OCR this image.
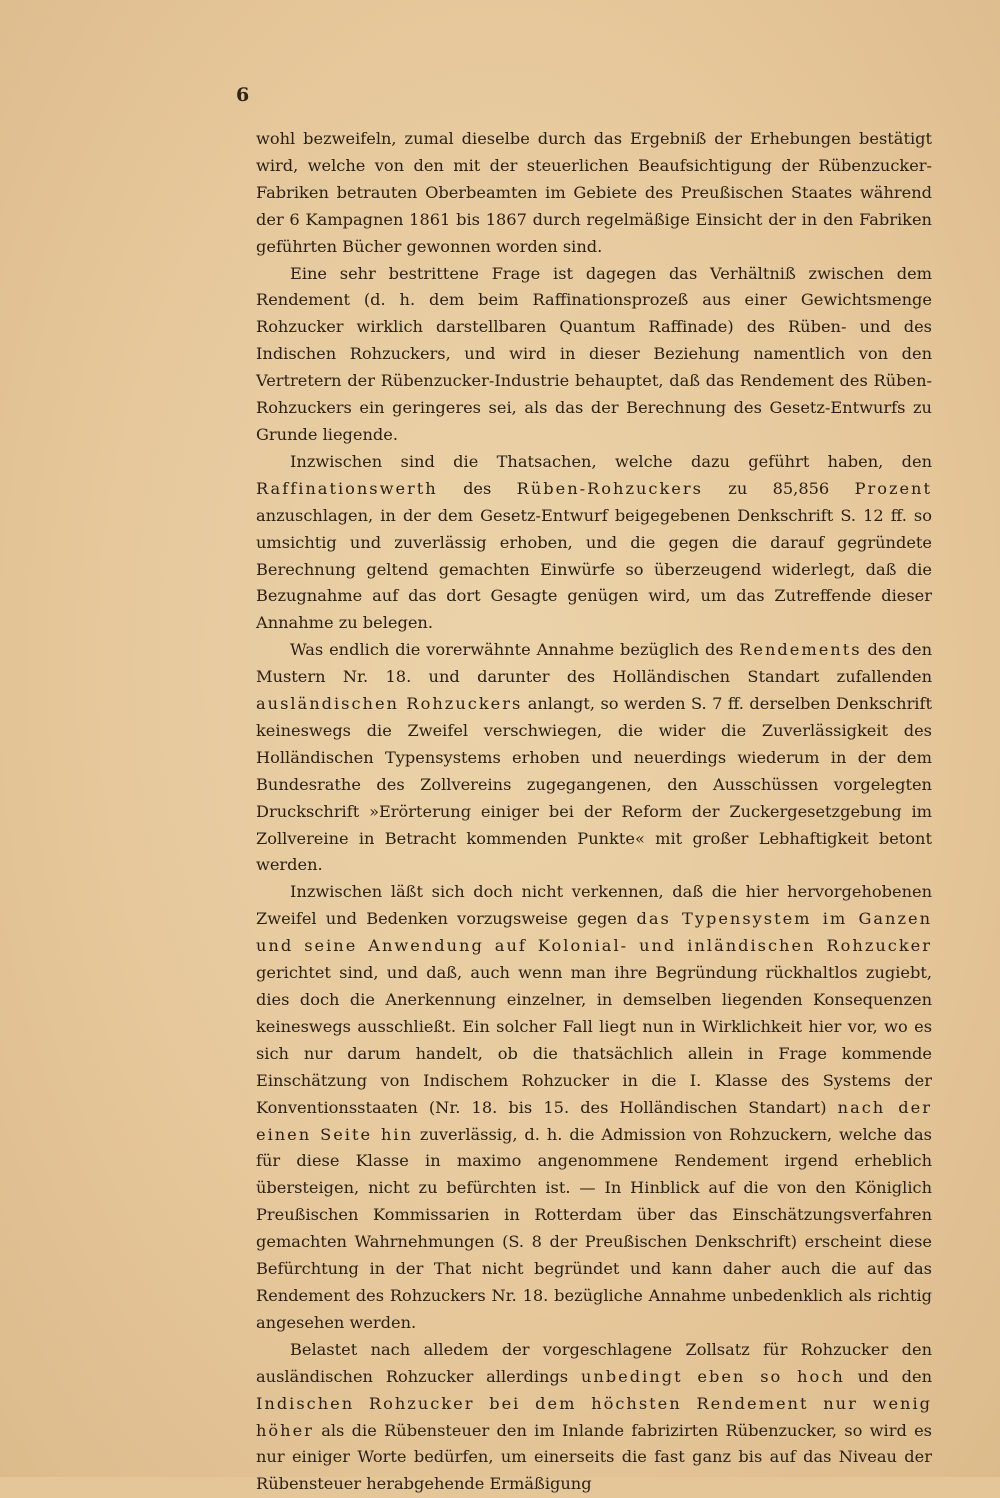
6

wohl bezweifeln, zumal dieselbe durch das Ergebniß der Erhebungen bestätigt wird, welche von den mit der steuerlichen Beaufsichtigung der Rübenzucker-Fabriken betrauten Oberbeamten im Gebiete des Preußischen Staates während der 6 Kampagnen 1861 bis 1867 durch regelmäßige Einsicht der in den Fabriken geführten Bücher gewonnen worden sind.

Eine sehr bestrittene Frage ist dagegen das Verhältniß zwischen dem Rendement (d. h. dem beim Raffinationsprozeß aus einer Gewichtsmenge Rohzucker wirklich darstellbaren Quantum Raffinade) des Rüben- und des Indischen Rohzuckers, und wird in dieser Beziehung namentlich von den Vertretern der Rübenzucker-Industrie behauptet, daß das Rendement des Rüben-Rohzuckers ein geringeres sei, als das der Berechnung des Gesetz-Entwurfs zu Grunde liegende.

Inzwischen sind die Thatsachen, welche dazu geführt haben, den Raffinationswerth des Rüben-Rohzuckers zu 85,856 Prozent anzuschlagen, in der dem Gesetz-Entwurf beigegebenen Denkschrift S. 12 ff. so umsichtig und zuverlässig erhoben, und die gegen die darauf gegründete Berechnung geltend gemachten Einwürfe so überzeugend widerlegt, daß die Bezugnahme auf das dort Gesagte genügen wird, um das Zutreffende dieser Annahme zu belegen.

Was endlich die vorerwähnte Annahme bezüglich des Rendements des den Mustern Nr. 18. und darunter des Holländischen Standart zufallenden ausländischen Rohzuckers anlangt, so werden S. 7 ff. derselben Denkschrift keineswegs die Zweifel verschwiegen, die wider die Zuverlässigkeit des Holländischen Typensystems erhoben und neuerdings wiederum in der dem Bundesrathe des Zollvereins zugegangenen, den Ausschüssen vorgelegten Druckschrift »Erörterung einiger bei der Reform der Zuckergesetzgebung im Zollvereine in Betracht kommenden Punkte« mit großer Lebhaftigkeit betont werden.

Inzwischen läßt sich doch nicht verkennen, daß die hier hervorgehobenen Zweifel und Bedenken vorzugsweise gegen das Typensystem im Ganzen und seine Anwendung auf Kolonial- und inländischen Rohzucker gerichtet sind, und daß, auch wenn man ihre Begründung rückhaltlos zugiebt, dies doch die Anerkennung einzelner, in demselben liegenden Konsequenzen keineswegs ausschließt. Ein solcher Fall liegt nun in Wirklichkeit hier vor, wo es sich nur darum handelt, ob die thatsächlich allein in Frage kommende Einschätzung von Indischem Rohzucker in die I. Klasse des Systems der Konventionsstaaten (Nr. 18. bis 15. des Holländischen Standart) nach der einen Seite hin zuverlässig, d. h. die Admission von Rohzuckern, welche das für diese Klasse in maximo angenommene Rendement irgend erheblich übersteigen, nicht zu befürchten ist. — In Hinblick auf die von den Königlich Preußischen Kommissarien in Rotterdam über das Einschätzungsverfahren gemachten Wahrnehmungen (S. 8 der Preußischen Denkschrift) erscheint diese Befürchtung in der That nicht begründet und kann daher auch die auf das Rendement des Rohzuckers Nr. 18. bezügliche Annahme unbedenklich als richtig angesehen werden.

Belastet nach alledem der vorgeschlagene Zollsatz für Rohzucker den ausländischen Rohzucker allerdings unbedingt eben so hoch und den Indischen Rohzucker bei dem höchsten Rendement nur wenig höher als die Rübensteuer den im Inlande fabrizirten Rübenzucker, so wird es nur einiger Worte bedürfen, um einerseits die fast ganz bis auf das Niveau der Rübensteuer herabgehende Ermäßigung
